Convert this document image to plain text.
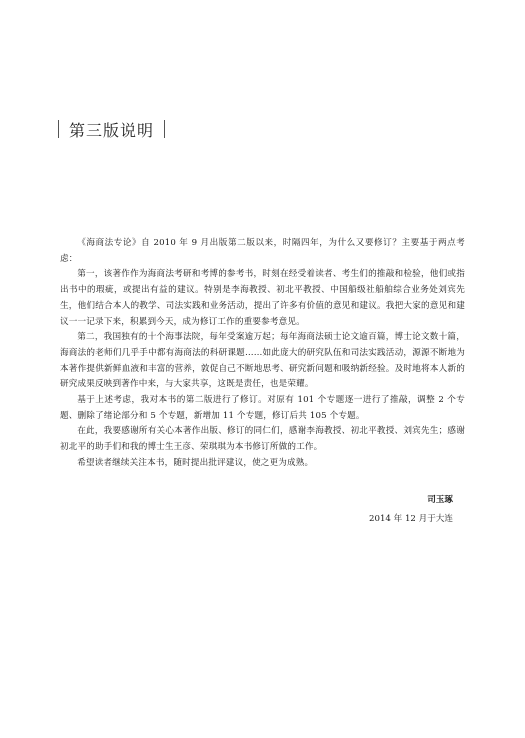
第三版说明

《海商法专论》自 2010 年 9 月出版第二版以来，时隔四年，为什么又要修订？主要基于两点考虑：

第一，该著作作为海商法考研和考博的参考书，时刻在经受着读者、考生们的推敲和检验，他们或指出书中的瑕疵，或提出有益的建议。特别是李海教授、初北平教授、中国船级社船舶综合业务处刘宾先生，他们结合本人的教学、司法实践和业务活动，提出了许多有价值的意见和建议。我把大家的意见和建议一一记录下来，积累到今天，成为修订工作的重要参考意见。

第二，我国独有的十个海事法院，每年受案逾万起；每年海商法硕士论文逾百篇，博士论文数十篇，海商法的老师们几乎手中都有海商法的科研课题……如此庞大的研究队伍和司法实践活动，源源不断地为本著作提供新鲜血液和丰富的营养，敦促自己不断地思考、研究新问题和吸纳新经验。及时地将本人新的研究成果反映到著作中来，与大家共享，这既是责任，也是荣耀。

基于上述考虑，我对本书的第二版进行了修订。对原有 101 个专题逐一进行了推敲，调整 2 个专题、删除了绪论部分和 5 个专题，新增加 11 个专题，修订后共 105 个专题。

在此，我要感谢所有关心本著作出版、修订的同仁们，感谢李海教授、初北平教授、刘宾先生；感谢初北平的助手们和我的博士生王彦、荣琪琪为本书修订所做的工作。

希望读者继续关注本书，随时提出批评建议，使之更为成熟。

司玉琢
2014 年 12 月于大连
